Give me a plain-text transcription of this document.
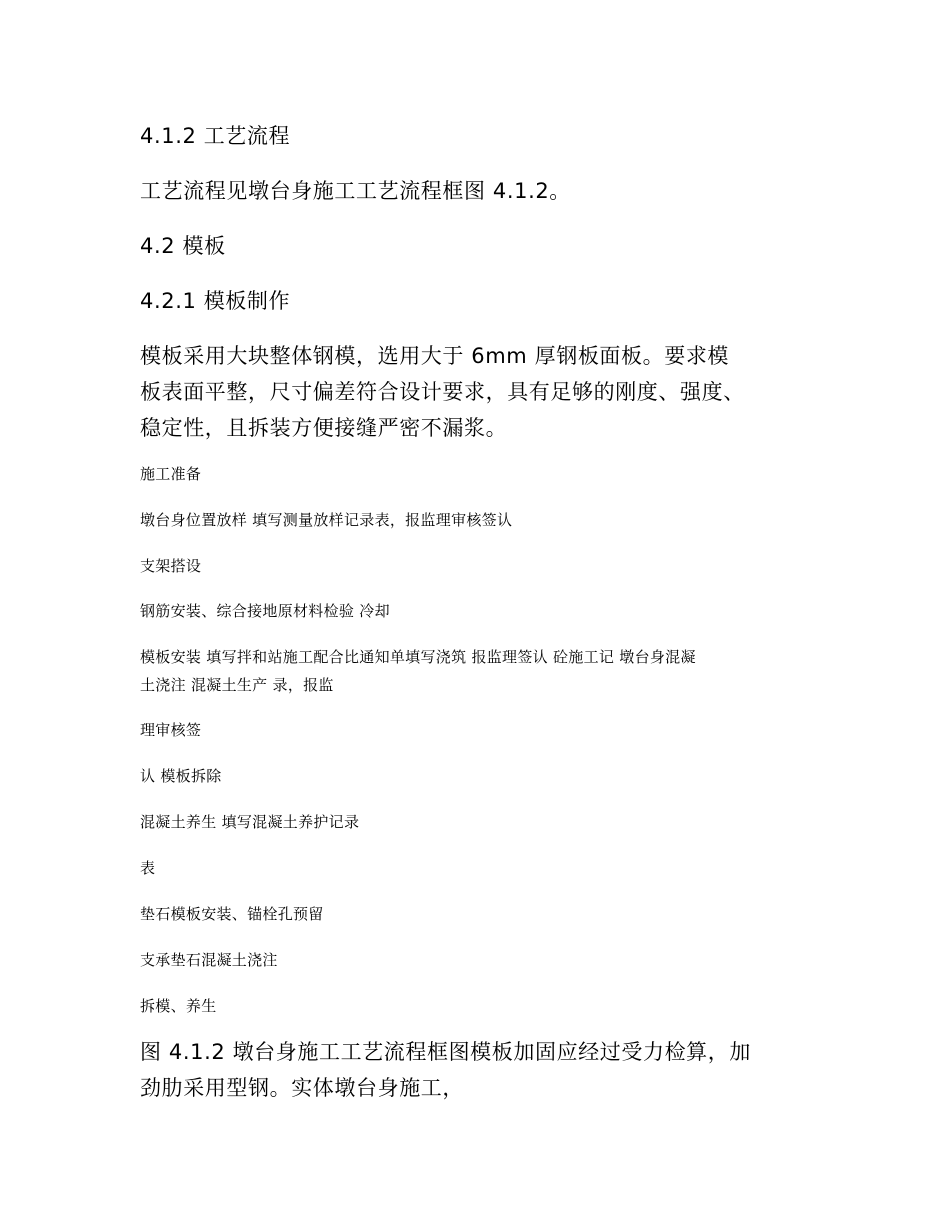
4.1.2 工艺流程
工艺流程见墩台身施工工艺流程框图 4.1.2。
4.2 模板
4.2.1 模板制作
模板采用大块整体钢模，选用大于 6mm 厚钢板面板。要求模
板表面平整，尺寸偏差符合设计要求，具有足够的刚度、强度、
稳定性，且拆装方便接缝严密不漏浆。
施工准备
墩台身位置放样 填写测量放样记录表，报监理审核签认
支架搭设
钢筋安装、综合接地原材料检验 冷却
模板安装 填写拌和站施工配合比通知单填写浇筑 报监理签认 砼施工记 墩台身混凝
土浇注 混凝土生产 录，报监
理审核签
认 模板拆除
混凝土养生 填写混凝土养护记录
表
垫石模板安装、锚栓孔预留
支承垫石混凝土浇注
拆模、养生
图 4.1.2 墩台身施工工艺流程框图模板加固应经过受力检算，加
劲肋采用型钢。实体墩台身施工，
